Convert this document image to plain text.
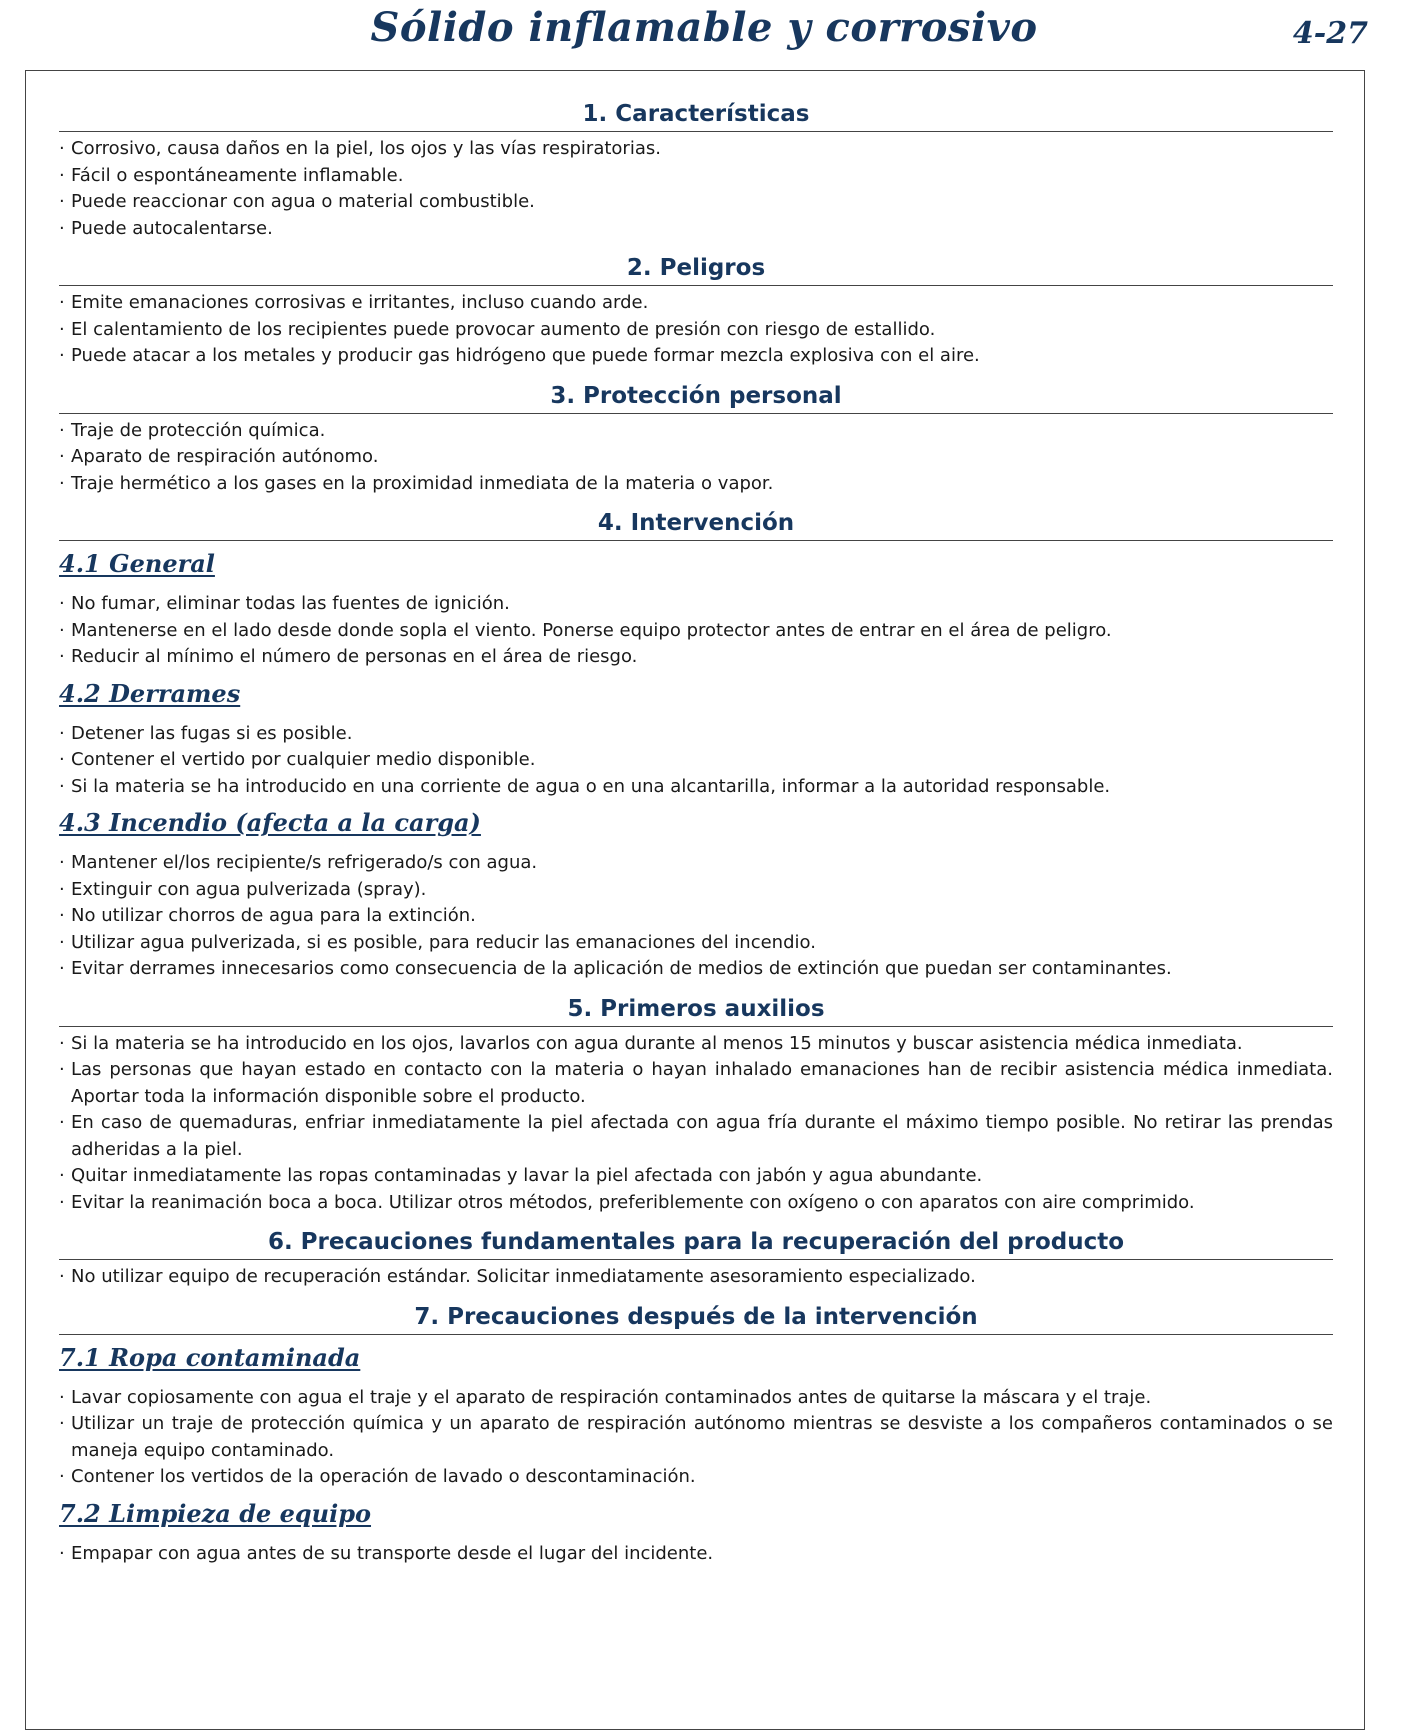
Sólido inflamable y corrosivo	4-27
1. Características
· Corrosivo, causa daños en la piel, los ojos y las vías respiratorias.
· Fácil o espontáneamente inflamable.
· Puede reaccionar con agua o material combustible.
· Puede autocalentarse.
2. Peligros
· Emite emanaciones corrosivas e irritantes, incluso cuando arde.
· El calentamiento de los recipientes puede provocar aumento de presión con riesgo de estallido.
· Puede atacar a los metales y producir gas hidrógeno que puede formar mezcla explosiva con el aire.
3. Protección personal
· Traje de protección química.
· Aparato de respiración autónomo.
· Traje hermético a los gases en la proximidad inmediata de la materia o vapor.
4. Intervención
4.1 General
· No fumar, eliminar todas las fuentes de ignición.
· Mantenerse en el lado desde donde sopla el viento. Ponerse equipo protector antes de entrar en el área de peligro.
· Reducir al mínimo el número de personas en el área de riesgo.
4.2 Derrames
· Detener las fugas si es posible.
· Contener el vertido por cualquier medio disponible.
· Si la materia se ha introducido en una corriente de agua o en una alcantarilla, informar a la autoridad responsable.
4.3 Incendio (afecta a la carga)
· Mantener el/los recipiente/s refrigerado/s con agua.
· Extinguir con agua pulverizada (spray).
· No utilizar chorros de agua para la extinción.
· Utilizar agua pulverizada, si es posible, para reducir las emanaciones del incendio.
· Evitar derrames innecesarios como consecuencia de la aplicación de medios de extinción que puedan ser contaminantes.
5. Primeros auxilios
· Si la materia se ha introducido en los ojos, lavarlos con agua durante al menos 15 minutos y buscar asistencia médica inmediata.
· Las personas que hayan estado en contacto con la materia o hayan inhalado emanaciones han de recibir asistencia médica inmediata. Aportar toda la información disponible sobre el producto.
· En caso de quemaduras, enfriar inmediatamente la piel afectada con agua fría durante el máximo tiempo posible. No retirar las prendas adheridas a la piel.
· Quitar inmediatamente las ropas contaminadas y lavar la piel afectada con jabón y agua abundante.
· Evitar la reanimación boca a boca. Utilizar otros métodos, preferiblemente con oxígeno o con aparatos con aire comprimido.
6. Precauciones fundamentales para la recuperación del producto
· No utilizar equipo de recuperación estándar. Solicitar inmediatamente asesoramiento especializado.
7. Precauciones después de la intervención
7.1 Ropa contaminada
· Lavar copiosamente con agua el traje y el aparato de respiración contaminados antes de quitarse la máscara y el traje.
· Utilizar un traje de protección química y un aparato de respiración autónomo mientras se desviste a los compañeros contaminados o se maneja equipo contaminado.
· Contener los vertidos de la operación de lavado o descontaminación.
7.2 Limpieza de equipo
· Empapar con agua antes de su transporte desde el lugar del incidente.
